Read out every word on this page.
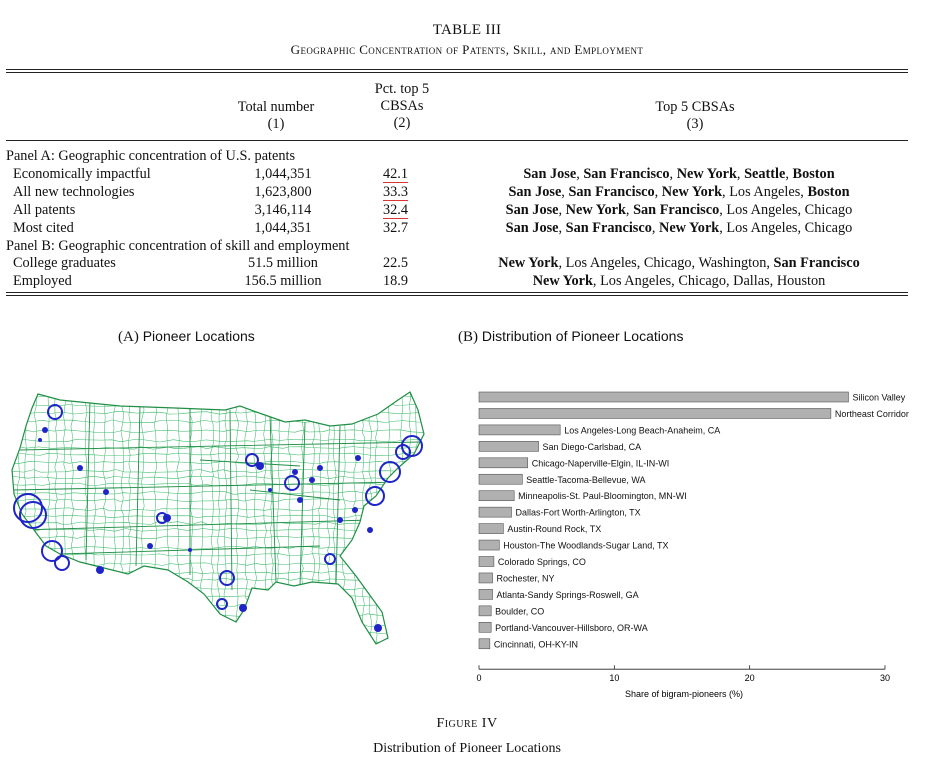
TABLE III
Geographic Concentration of Patents, Skill, and Employment
Total number
(1)
Pct. top 5
CBSAs
(2)
Top 5 CBSAs
(3)
Panel A: Geographic concentration of U.S. patents			
Economically impactful	1,044,351	42.1	San Jose, San Francisco, New York, Seattle, Boston
All new technologies	1,623,800	33.3	San Jose, San Francisco, New York, Los Angeles, Boston
All patents	3,146,114	32.4	San Jose, New York, San Francisco, Los Angeles, Chicago
Most cited	1,044,351	32.7	San Jose, San Francisco, New York, Los Angeles, Chicago
Panel B: Geographic concentration of skill and employment			
College graduates	51.5 million	22.5	New York, Los Angeles, Chicago, Washington, San Francisco
Employed	156.5 million	18.9	New York, Los Angeles, Chicago, Dallas, Houston
(A) Pioneer Locations	(B) Distribution of Pioneer Locations
Silicon Valley
Northeast Corridor
Los Angeles-Long Beach-Anaheim, CA
San Diego-Carlsbad, CA
Chicago-Naperville-Elgin, IL-IN-WI
Seattle-Tacoma-Bellevue, WA
Minneapolis-St. Paul-Bloomington, MN-WI
Dallas-Fort Worth-Arlington, TX
Austin-Round Rock, TX
Houston-The Woodlands-Sugar Land, TX
Colorado Springs, CO
Rochester, NY
Atlanta-Sandy Springs-Roswell, GA
Boulder, CO
Portland-Vancouver-Hillsboro, OR-WA
Cincinnati, OH-KY-IN
0	10	20	30
Share of bigram-pioneers (%)
Figure IV
Distribution of Pioneer Locations
